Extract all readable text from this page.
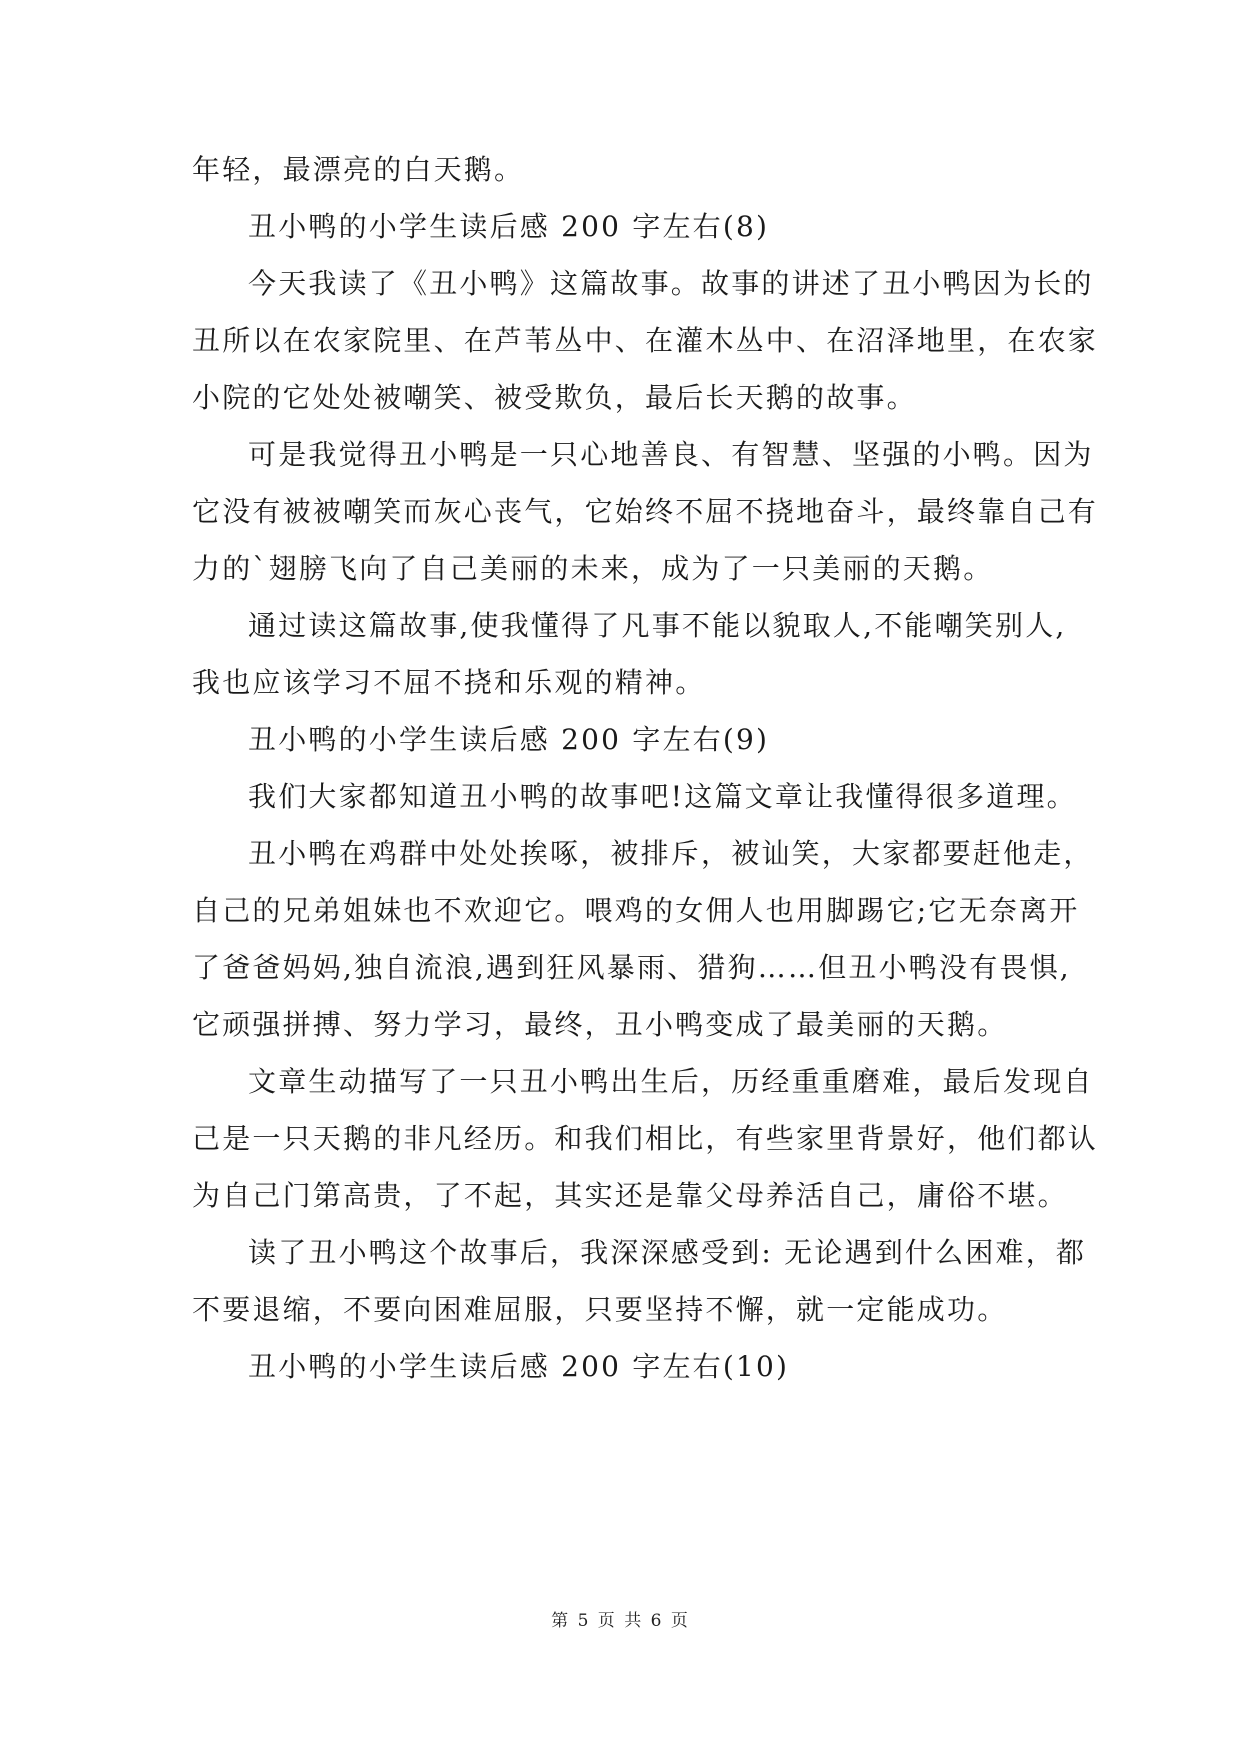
年轻，最漂亮的白天鹅。
丑小鸭的小学生读后感 200 字左右(8)
今天我读了《丑小鸭》这篇故事。故事的讲述了丑小鸭因为长的
丑所以在农家院里、在芦苇丛中、在灌木丛中、在沼泽地里，在农家
小院的它处处被嘲笑、被受欺负，最后长天鹅的故事。
可是我觉得丑小鸭是一只心地善良、有智慧、坚强的小鸭。因为
它没有被被嘲笑而灰心丧气，它始终不屈不挠地奋斗，最终靠自己有
力的`翅膀飞向了自己美丽的未来，成为了一只美丽的天鹅。
通过读这篇故事,使我懂得了凡事不能以貌取人,不能嘲笑别人,
我也应该学习不屈不挠和乐观的精神。
丑小鸭的小学生读后感 200 字左右(9)
我们大家都知道丑小鸭的故事吧!这篇文章让我懂得很多道理。
丑小鸭在鸡群中处处挨啄，被排斥，被讪笑，大家都要赶他走，
自己的兄弟姐妹也不欢迎它。喂鸡的女佣人也用脚踢它;它无奈离开
了爸爸妈妈,独自流浪,遇到狂风暴雨、猎狗……但丑小鸭没有畏惧,
它顽强拼搏、努力学习，最终，丑小鸭变成了最美丽的天鹅。
文章生动描写了一只丑小鸭出生后，历经重重磨难，最后发现自
己是一只天鹅的非凡经历。和我们相比，有些家里背景好，他们都认
为自己门第高贵，了不起，其实还是靠父母养活自己，庸俗不堪。
读了丑小鸭这个故事后，我深深感受到: 无论遇到什么困难，都
不要退缩，不要向困难屈服，只要坚持不懈，就一定能成功。
丑小鸭的小学生读后感 200 字左右(10)
第 5 页 共 6 页
